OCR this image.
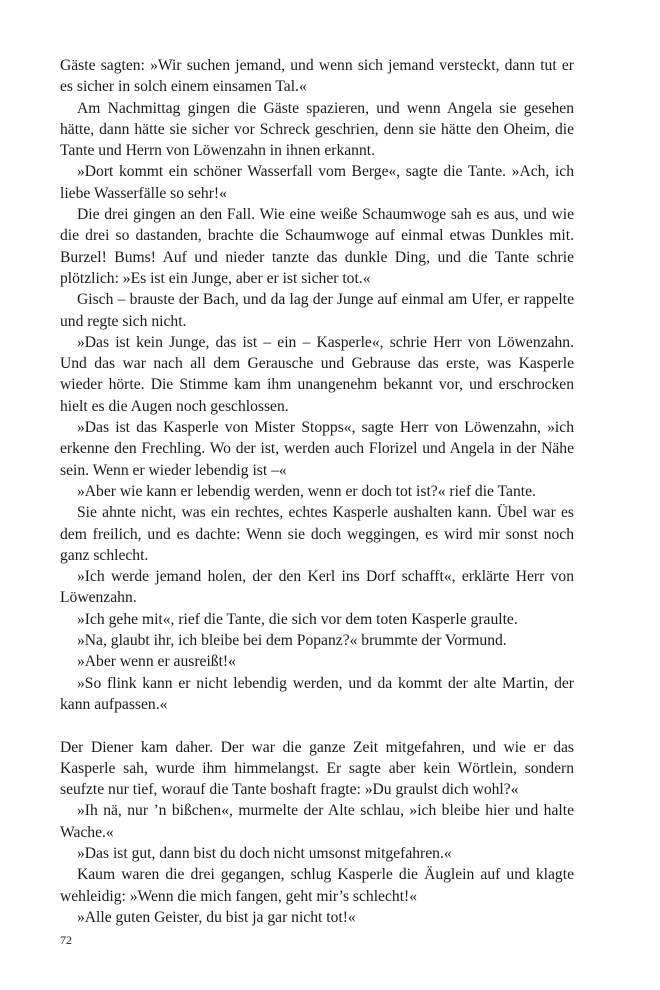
Gäste sagten: »Wir suchen jemand, und wenn sich jemand versteckt, dann tut er es sicher in solch einem einsamen Tal.«

Am Nachmittag gingen die Gäste spazieren, und wenn Angela sie gesehen hätte, dann hätte sie sicher vor Schreck geschrien, denn sie hätte den Oheim, die Tante und Herrn von Löwenzahn in ihnen erkannt.

»Dort kommt ein schöner Wasserfall vom Berge«, sagte die Tante. »Ach, ich liebe Wasserfälle so sehr!«

Die drei gingen an den Fall. Wie eine weiße Schaumwoge sah es aus, und wie die drei so dastanden, brachte die Schaumwoge auf einmal etwas Dunkles mit. Burzel! Bums! Auf und nieder tanzte das dunkle Ding, und die Tante schrie plötzlich: »Es ist ein Junge, aber er ist sicher tot.«

Gisch – brauste der Bach, und da lag der Junge auf einmal am Ufer, er rappelte und regte sich nicht.

»Das ist kein Junge, das ist – ein – Kasperle«, schrie Herr von Löwenzahn. Und das war nach all dem Gerausche und Gebrause das erste, was Kasperle wieder hörte. Die Stimme kam ihm unangenehm bekannt vor, und erschrocken hielt es die Augen noch geschlossen.

»Das ist das Kasperle von Mister Stopps«, sagte Herr von Löwenzahn, »ich erkenne den Frechling. Wo der ist, werden auch Florizel und Angela in der Nähe sein. Wenn er wieder lebendig ist –«

»Aber wie kann er lebendig werden, wenn er doch tot ist?« rief die Tante.

Sie ahnte nicht, was ein rechtes, echtes Kasperle aushalten kann. Übel war es dem freilich, und es dachte: Wenn sie doch weggingen, es wird mir sonst noch ganz schlecht.

»Ich werde jemand holen, der den Kerl ins Dorf schafft«, erklärte Herr von Löwenzahn.

»Ich gehe mit«, rief die Tante, die sich vor dem toten Kasperle graulte.

»Na, glaubt ihr, ich bleibe bei dem Popanz?« brummte der Vormund.

»Aber wenn er ausreißt!«

»So flink kann er nicht lebendig werden, und da kommt der alte Martin, der kann aufpassen.«

Der Diener kam daher. Der war die ganze Zeit mitgefahren, und wie er das Kasperle sah, wurde ihm himmelangst. Er sagte aber kein Wörtlein, sondern seufzte nur tief, worauf die Tante boshaft fragte: »Du graulst dich wohl?«

»Ih nä, nur ’n bißchen«, murmelte der Alte schlau, »ich bleibe hier und halte Wache.«

»Das ist gut, dann bist du doch nicht umsonst mitgefahren.«

Kaum waren die drei gegangen, schlug Kasperle die Äuglein auf und klagte wehleidig: »Wenn die mich fangen, geht mir’s schlecht!«

»Alle guten Geister, du bist ja gar nicht tot!«

72
